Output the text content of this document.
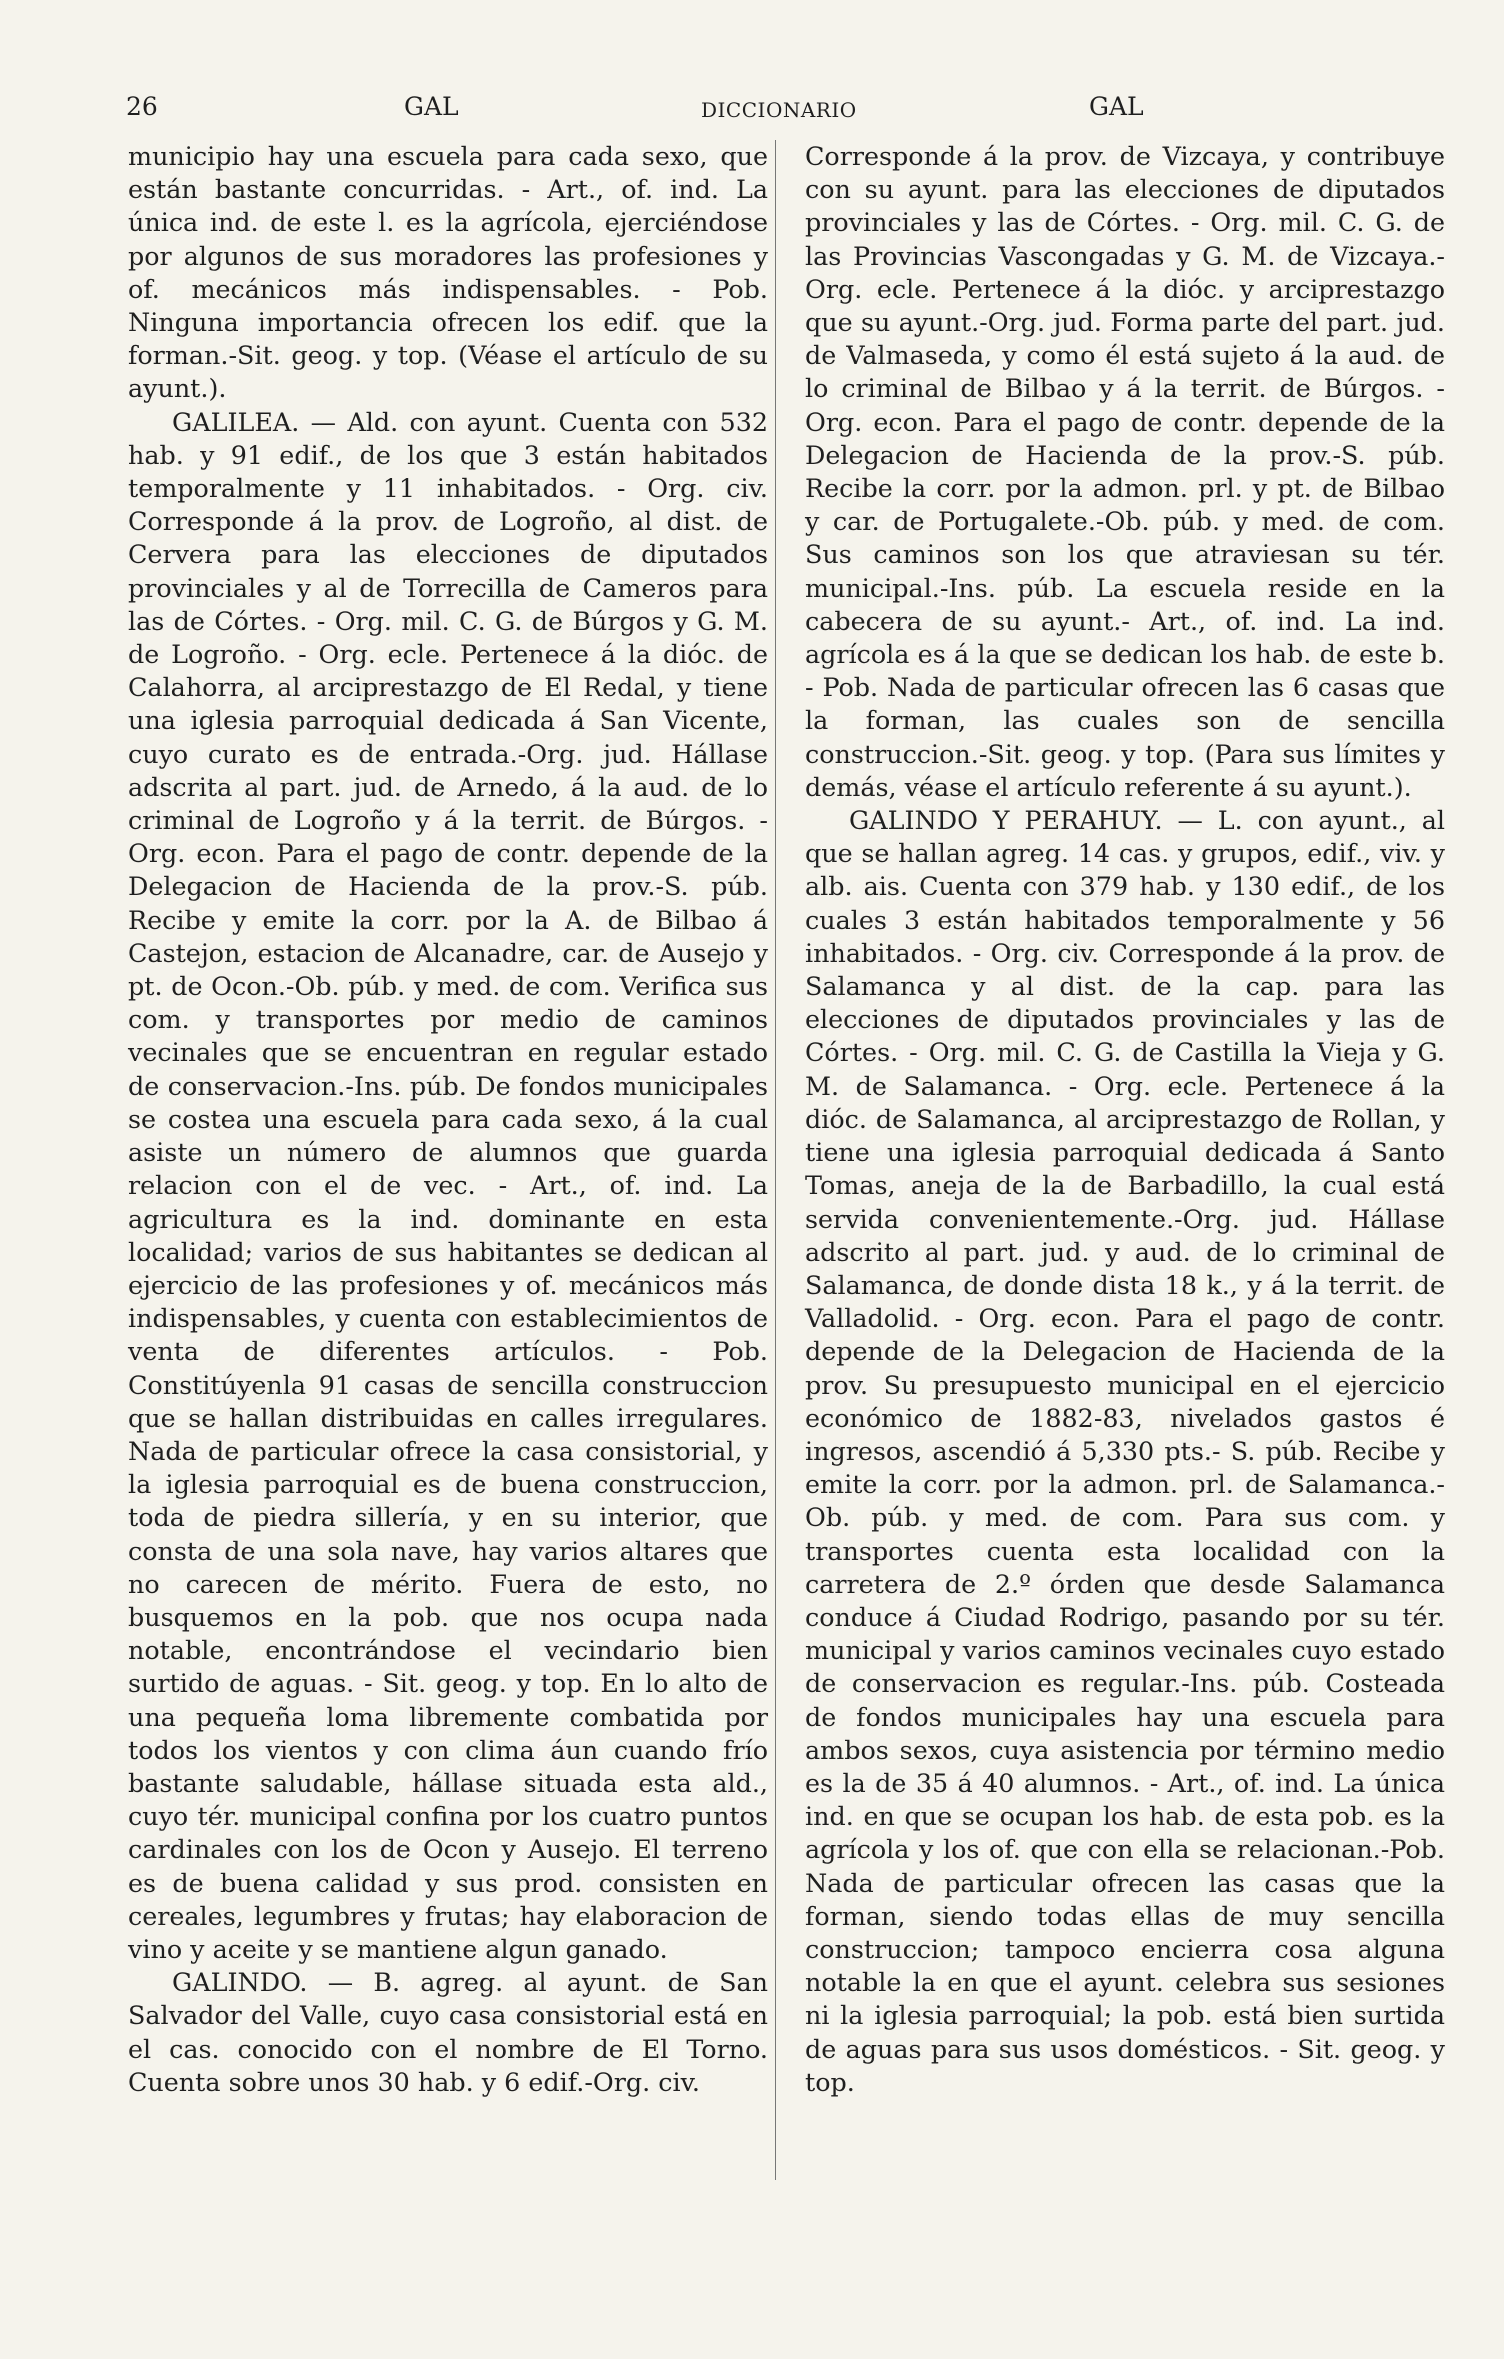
26	GAL	DICCIONARIO	GAL

municipio hay una escuela para cada sexo, que están bastante concurridas. - Art., of. ind. La única ind. de este l. es la agrícola, ejerciéndose por algunos de sus moradores las profesiones y of. mecánicos más indispensables. - Pob. Ninguna importancia ofrecen los edif. que la forman.-Sit. geog. y top. (Véase el artículo de su ayunt.).

GALILEA. — Ald. con ayunt. Cuenta con 532 hab. y 91 edif., de los que 3 están habitados temporalmente y 11 inhabitados. - Org. civ. Corresponde á la prov. de Logroño, al dist. de Cervera para las elecciones de diputados provinciales y al de Torrecilla de Cameros para las de Córtes. - Org. mil. C. G. de Búrgos y G. M. de Logroño. - Org. ecle. Pertenece á la dióc. de Calahorra, al arciprestazgo de El Redal, y tiene una iglesia parroquial dedicada á San Vicente, cuyo curato es de entrada.-Org. jud. Hállase adscrita al part. jud. de Arnedo, á la aud. de lo criminal de Logroño y á la territ. de Búrgos. - Org. econ. Para el pago de contr. depende de la Delegacion de Hacienda de la prov.-S. púb. Recibe y emite la corr. por la A. de Bilbao á Castejon, estacion de Alcanadre, car. de Ausejo y pt. de Ocon.-Ob. púb. y med. de com. Verifica sus com. y transportes por medio de caminos vecinales que se encuentran en regular estado de conservacion.-Ins. púb. De fondos municipales se costea una escuela para cada sexo, á la cual asiste un número de alumnos que guarda relacion con el de vec. - Art., of. ind. La agricultura es la ind. dominante en esta localidad; varios de sus habitantes se dedican al ejercicio de las profesiones y of. mecánicos más indispensables, y cuenta con establecimientos de venta de diferentes artículos. - Pob. Constitúyenla 91 casas de sencilla construccion que se hallan distribuidas en calles irregulares. Nada de particular ofrece la casa consistorial, y la iglesia parroquial es de buena construccion, toda de piedra sillería, y en su interior, que consta de una sola nave, hay varios altares que no carecen de mérito. Fuera de esto, no busquemos en la pob. que nos ocupa nada notable, encontrándose el vecindario bien surtido de aguas. - Sit. geog. y top. En lo alto de una pequeña loma libremente combatida por todos los vientos y con clima áun cuando frío bastante saludable, hállase situada esta ald., cuyo tér. municipal confina por los cuatro puntos cardinales con los de Ocon y Ausejo. El terreno es de buena calidad y sus prod. consisten en cereales, legumbres y frutas; hay elaboracion de vino y aceite y se mantiene algun ganado.

GALINDO. — B. agreg. al ayunt. de San Salvador del Valle, cuyo casa consistorial está en el cas. conocido con el nombre de El Torno. Cuenta sobre unos 30 hab. y 6 edif.-Org. civ.

Corresponde á la prov. de Vizcaya, y contribuye con su ayunt. para las elecciones de diputados provinciales y las de Córtes. - Org. mil. C. G. de las Provincias Vascongadas y G. M. de Vizcaya.-Org. ecle. Pertenece á la dióc. y arciprestazgo que su ayunt.-Org. jud. Forma parte del part. jud. de Valmaseda, y como él está sujeto á la aud. de lo criminal de Bilbao y á la territ. de Búrgos. - Org. econ. Para el pago de contr. depende de la Delegacion de Hacienda de la prov.-S. púb. Recibe la corr. por la admon. prl. y pt. de Bilbao y car. de Portugalete.-Ob. púb. y med. de com. Sus caminos son los que atraviesan su tér. municipal.-Ins. púb. La escuela reside en la cabecera de su ayunt.- Art., of. ind. La ind. agrícola es á la que se dedican los hab. de este b. - Pob. Nada de particular ofrecen las 6 casas que la forman, las cuales son de sencilla construccion.-Sit. geog. y top. (Para sus límites y demás, véase el artículo referente á su ayunt.).

GALINDO Y PERAHUY. — L. con ayunt., al que se hallan agreg. 14 cas. y grupos, edif., viv. y alb. ais. Cuenta con 379 hab. y 130 edif., de los cuales 3 están habitados temporalmente y 56 inhabitados. - Org. civ. Corresponde á la prov. de Salamanca y al dist. de la cap. para las elecciones de diputados provinciales y las de Córtes. - Org. mil. C. G. de Castilla la Vieja y G. M. de Salamanca. - Org. ecle. Pertenece á la dióc. de Salamanca, al arciprestazgo de Rollan, y tiene una iglesia parroquial dedicada á Santo Tomas, aneja de la de Barbadillo, la cual está servida convenientemente.-Org. jud. Hállase adscrito al part. jud. y aud. de lo criminal de Salamanca, de donde dista 18 k., y á la territ. de Valladolid. - Org. econ. Para el pago de contr. depende de la Delegacion de Hacienda de la prov. Su presupuesto municipal en el ejercicio económico de 1882-83, nivelados gastos é ingresos, ascendió á 5,330 pts.- S. púb. Recibe y emite la corr. por la admon. prl. de Salamanca.-Ob. púb. y med. de com. Para sus com. y transportes cuenta esta localidad con la carretera de 2.º órden que desde Salamanca conduce á Ciudad Rodrigo, pasando por su tér. municipal y varios caminos vecinales cuyo estado de conservacion es regular.-Ins. púb. Costeada de fondos municipales hay una escuela para ambos sexos, cuya asistencia por término medio es la de 35 á 40 alumnos. - Art., of. ind. La única ind. en que se ocupan los hab. de esta pob. es la agrícola y los of. que con ella se relacionan.-Pob. Nada de particular ofrecen las casas que la forman, siendo todas ellas de muy sencilla construccion; tampoco encierra cosa alguna notable la en que el ayunt. celebra sus sesiones ni la iglesia parroquial; la pob. está bien surtida de aguas para sus usos domésticos. - Sit. geog. y top.
